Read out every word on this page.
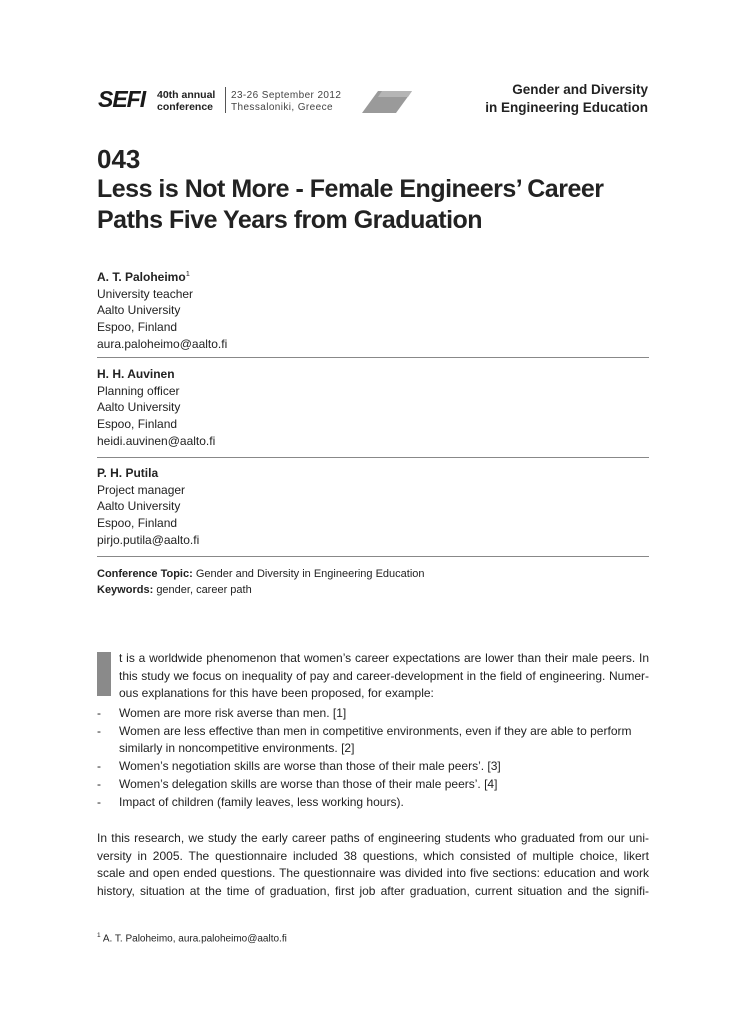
SEFI 40th annual
conference
23-26 September 2012
Thessaloniki, Greece
Gender and Diversity
in Engineering Education
043
Less is Not More - Female Engineers’ Career
Paths Five Years from Graduation
A. T. Paloheimo$^1$
University teacher
Aalto University
Espoo, Finland
aura.paloheimo@aalto.fi
H. H. Auvinen
Planning officer
Aalto University
Espoo, Finland
heidi.auvinen@aalto.fi
P. H. Putila
Project manager
Aalto University
Espoo, Finland
pirjo.putila@aalto.fi
Conference Topic: Gender and Diversity in Engineering Education
Keywords: gender, career path
t is a worldwide phenomenon that women’s career expectations are lower than their male peers. In
this study we focus on inequality of pay and career-development in the field of engineering. Numer-
ous explanations for this have been proposed, for example:
- Women are more risk averse than men. [1]
- Women are less effective than men in competitive environments, even if they are able to perform
similarly in noncompetitive environments. [2]
- Women’s negotiation skills are worse than those of their male peers’. [3]
- Women’s delegation skills are worse than those of their male peers’. [4]
- Impact of children (family leaves, less working hours).
In this research, we study the early career paths of engineering students who graduated from our uni-
versity in 2005. The questionnaire included 38 questions, which consisted of multiple choice, likert
scale and open ended questions. The questionnaire was divided into five sections: education and work
history, situation at the time of graduation, first job after graduation, current situation and the signifi-
$^1$ A. T. Paloheimo, aura.paloheimo@aalto.fi
